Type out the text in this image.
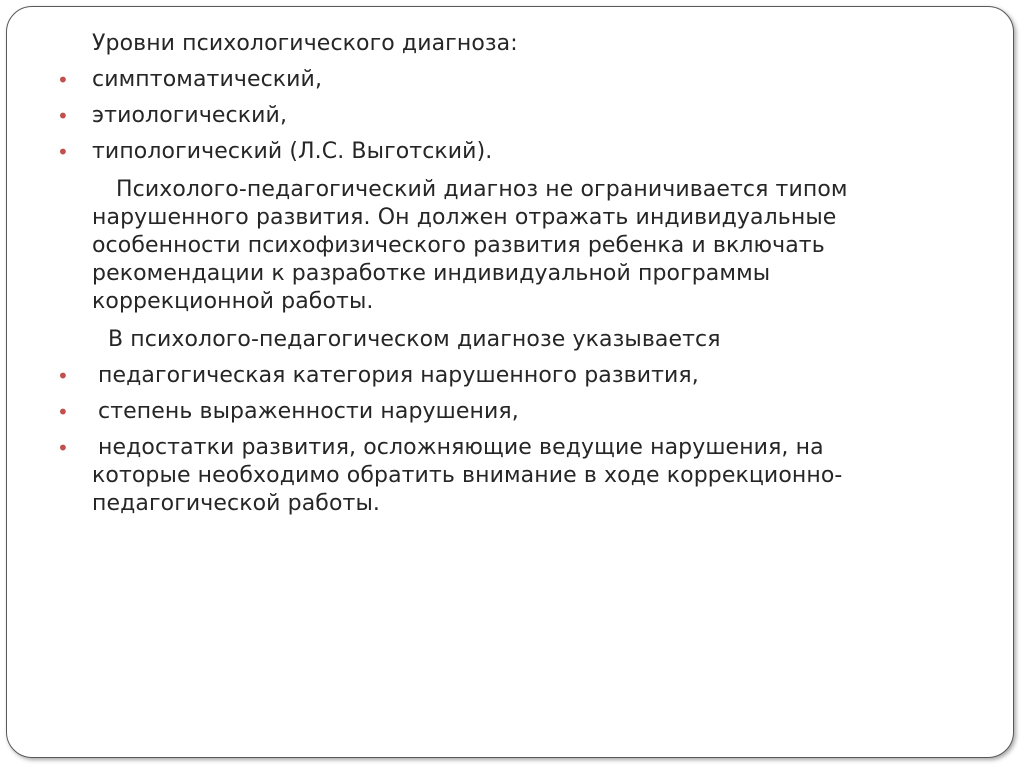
Уровни психологического диагноза:

• симптоматический,

• этиологический,

• типологический (Л.С. Выготский).

Психолого-педагогический диагноз не ограничивается типом

нарушенного развития. Он должен отражать индивидуальные

особенности психофизического развития ребенка и включать

рекомендации к разработке индивидуальной программы

коррекционной работы.

В психолого-педагогическом диагнозе указывается

• педагогическая категория нарушенного развития,

• степень выраженности нарушения,

• недостатки развития, осложняющие ведущие нарушения, на

которые необходимо обратить внимание в ходе коррекционно-

педагогической работы.
